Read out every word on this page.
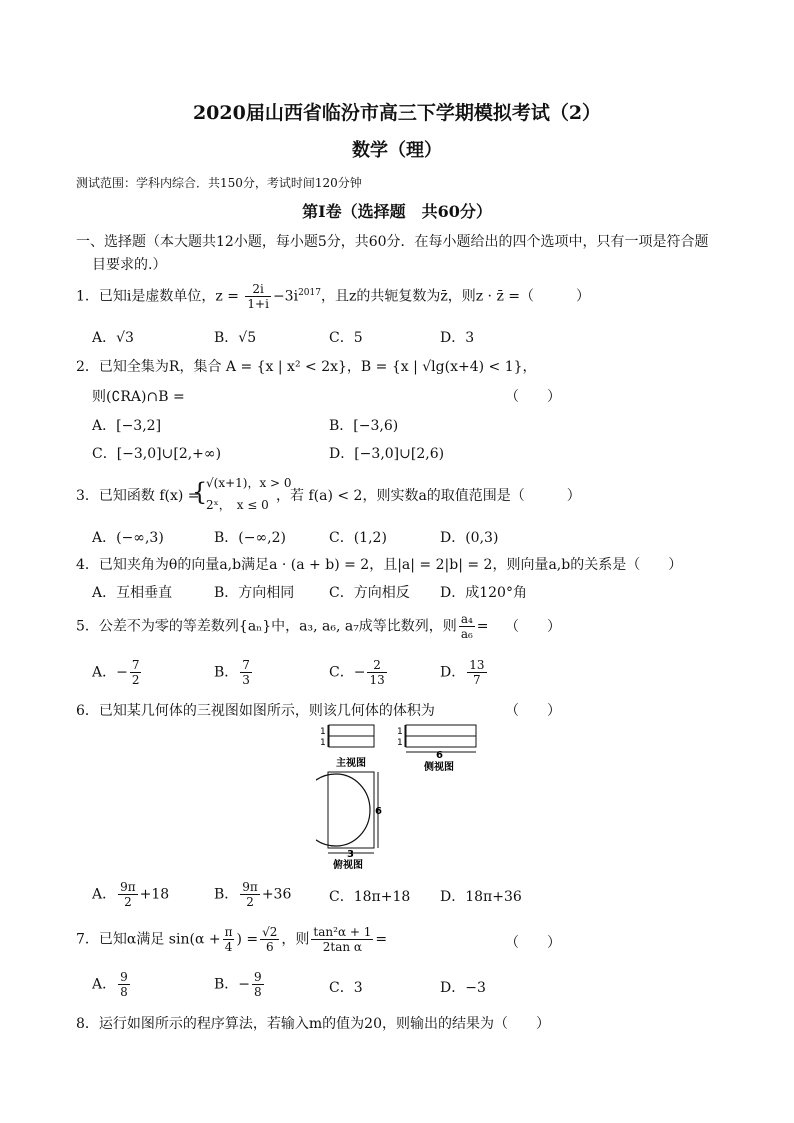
2020届山西省临汾市高三下学期模拟考试（2）
数学（理）
测试范围：学科内综合．共150分，考试时间120分钟
第Ⅰ卷（选择题　共60分）
一、选择题（本大题共12小题，每小题5分，共60分．在每小题给出的四个选项中，只有一项是符合题
目要求的.）
1．已知i是虚数单位，$z = \frac{2i}{1+i} -3i^{2017}$，且z的共轭复数为z̄，则z · z̄ =（　　　）
A．√3	B．√5	C．5	D．3
2．已知全集为R，集合 A = {x | x² < 2x}，B = {x | √lg(x+4) < 1}，
则(∁RA)∩B =	（　　）
A．[−3,2]	B．[−3,6)
C．[−3,0]∪[2,+∞)	D．[−3,0]∪[2,6)
3．已知函数 f(x) =
{
√(x+1)，x > 0
2ˣ，　x ≤ 0
，若 f(a) < 2，则实数a的取值范围是（　　　）
A．(−∞,3)	B．(−∞,2)	C．(1,2)	D．(0,3)
4．已知夹角为θ的向量a,b满足a · (a + b) = 2，且|a| = 2|b| = 2，则向量a,b的关系是（　　）
A．互相垂直	B．方向相同 C．方向相反 D．成120°角
5．公差不为零的等差数列{aₙ}中，a₃, a₆, a₇成等比数列，则 $\frac{\text{a₄}}{\text{a₆}}$ = （　　）
A．− $\frac{7}{2}$	B． $\frac{7}{3}$	C．− $\frac{2}{13}$	D． $\frac{13}{7}$
6．已知某几何体的三视图如图所示，则该几何体的体积为	（　　）
1
1
主视图
1
1
6
侧视图
6
3
俯视图
A． $\frac{9\pi}{2} +18$	B． $\frac{9\pi}{2} +36$	C．18π+18 D．18π+36
7．已知α满足 $\sin(\alpha + \frac{\pi}{4}$ ) = $\frac{√2}{6}$ ，则 $\frac{\text{tan²α + 1}}{\text{2tan α}}$ =	（　　）
A． $\frac{9}{8}$	B．− $\frac{9}{8}$	C．3	D．−3
8．运行如图所示的程序算法，若输入m的值为20，则输出的结果为（　　）
